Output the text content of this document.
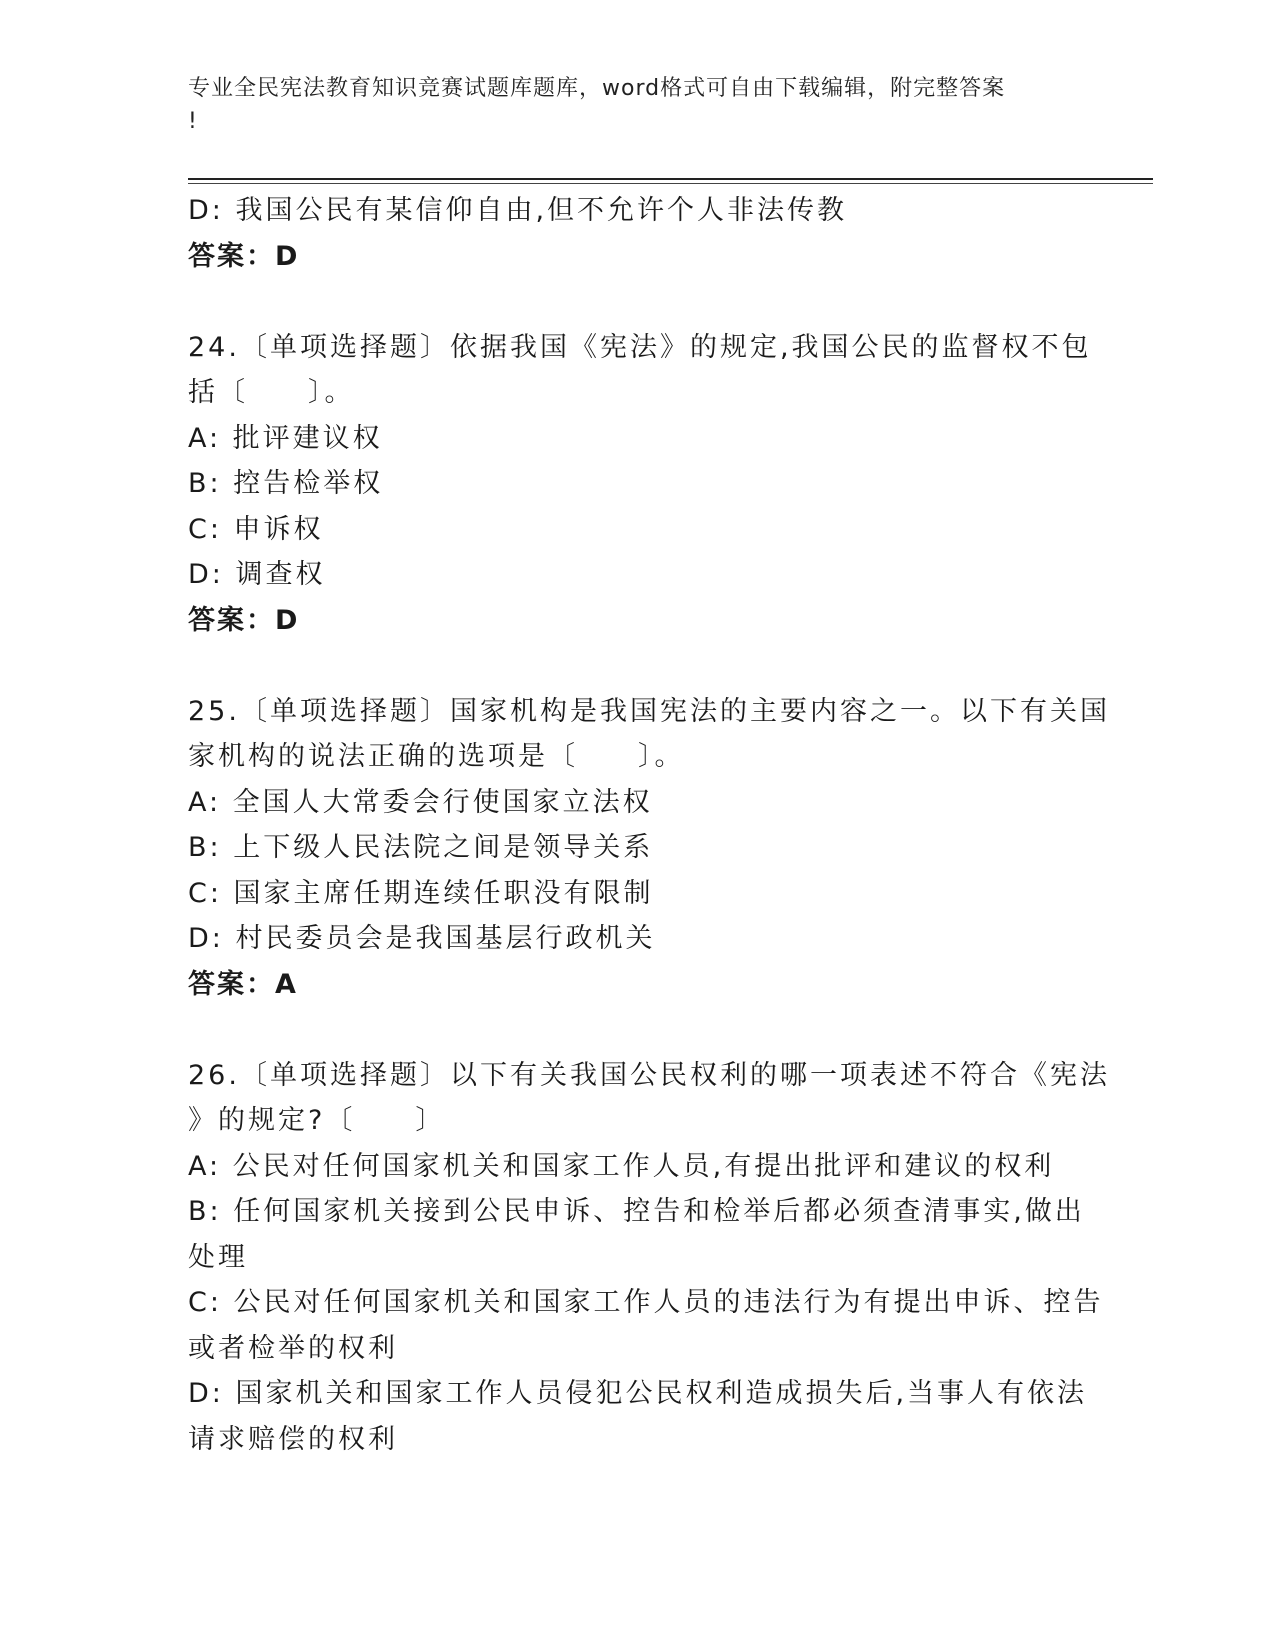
专业全民宪法教育知识竞赛试题库题库，word格式可自由下载编辑，附完整答案
!
D: 我国公民有某信仰自由,但不允许个人非法传教
答案：D
24.〔单项选择题〕依据我国《宪法》的规定,我国公民的监督权不包
括〔　　〕。
A: 批评建议权
B: 控告检举权
C: 申诉权
D: 调查权
答案：D
25.〔单项选择题〕国家机构是我国宪法的主要内容之一。以下有关国
家机构的说法正确的选项是〔　　〕。
A: 全国人大常委会行使国家立法权
B: 上下级人民法院之间是领导关系
C: 国家主席任期连续任职没有限制
D: 村民委员会是我国基层行政机关
答案：A
26.〔单项选择题〕以下有关我国公民权利的哪一项表述不符合《宪法
》的规定?〔　　〕
A: 公民对任何国家机关和国家工作人员,有提出批评和建议的权利
B: 任何国家机关接到公民申诉、控告和检举后都必须查清事实,做出
处理
C: 公民对任何国家机关和国家工作人员的违法行为有提出申诉、控告
或者检举的权利
D: 国家机关和国家工作人员侵犯公民权利造成损失后,当事人有依法
请求赔偿的权利
